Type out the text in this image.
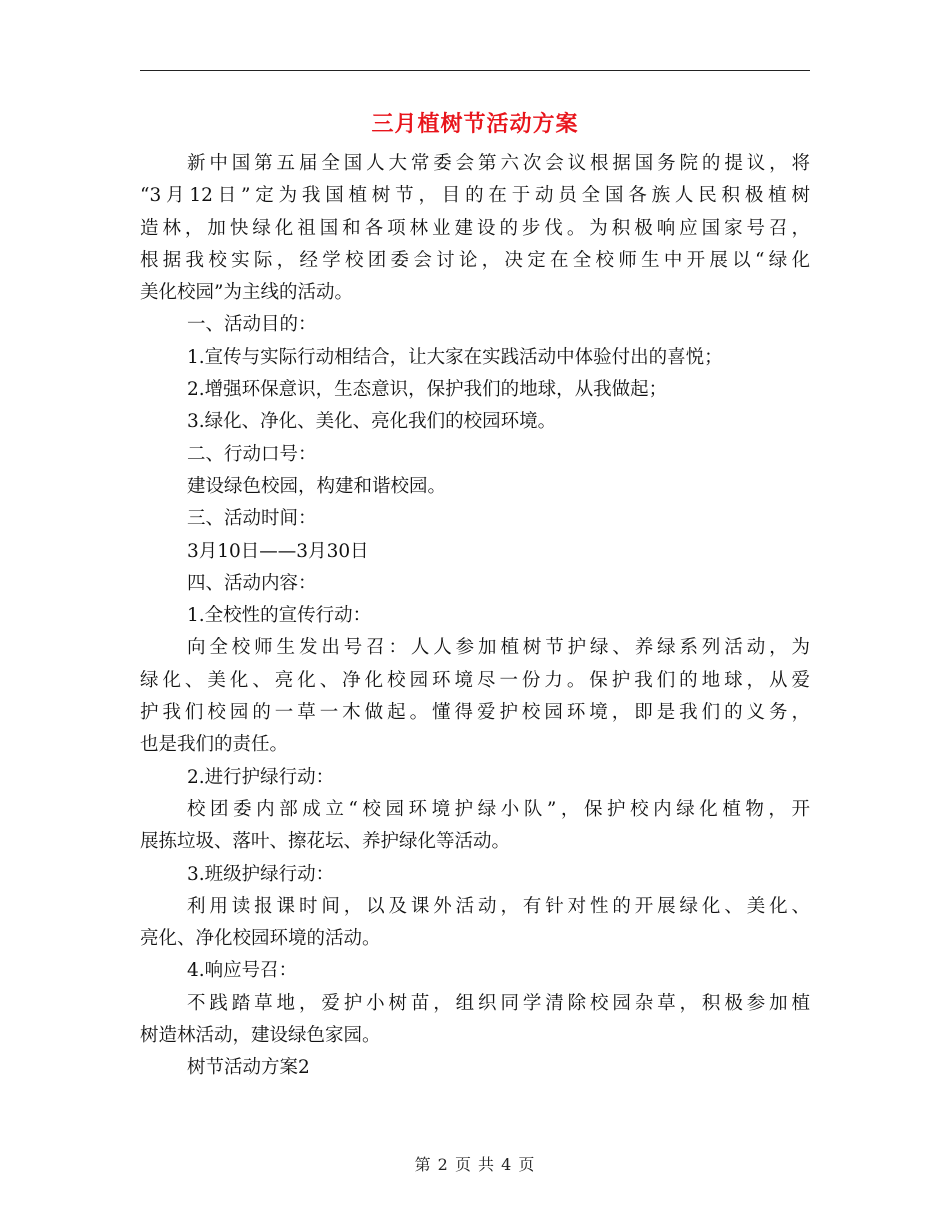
三月植树节活动方案
新中国第五届全国人大常委会第六次会议根据国务院的提议，将
“3月12日”定为我国植树节，目的在于动员全国各族人民积极植树
造林，加快绿化祖国和各项林业建设的步伐。为积极响应国家号召，
根据我校实际，经学校团委会讨论，决定在全校师生中开展以“绿化
美化校园”为主线的活动。
一、活动目的：
1.宣传与实际行动相结合，让大家在实践活动中体验付出的喜悦；
2.增强环保意识，生态意识，保护我们的地球，从我做起；
3.绿化、净化、美化、亮化我们的校园环境。
二、行动口号：
建设绿色校园，构建和谐校园。
三、活动时间：
3月10日——3月30日
四、活动内容：
1.全校性的宣传行动：
向全校师生发出号召：人人参加植树节护绿、养绿系列活动，为
绿化、美化、亮化、净化校园环境尽一份力。保护我们的地球，从爱
护我们校园的一草一木做起。懂得爱护校园环境，即是我们的义务，
也是我们的责任。
2.进行护绿行动：
校团委内部成立“校园环境护绿小队”，保护校内绿化植物，开
展拣垃圾、落叶、擦花坛、养护绿化等活动。
3.班级护绿行动：
利用读报课时间，以及课外活动，有针对性的开展绿化、美化、
亮化、净化校园环境的活动。
4.响应号召：
不践踏草地，爱护小树苗，组织同学清除校园杂草，积极参加植
树造林活动，建设绿色家园。
树节活动方案2
第 2 页 共 4 页
